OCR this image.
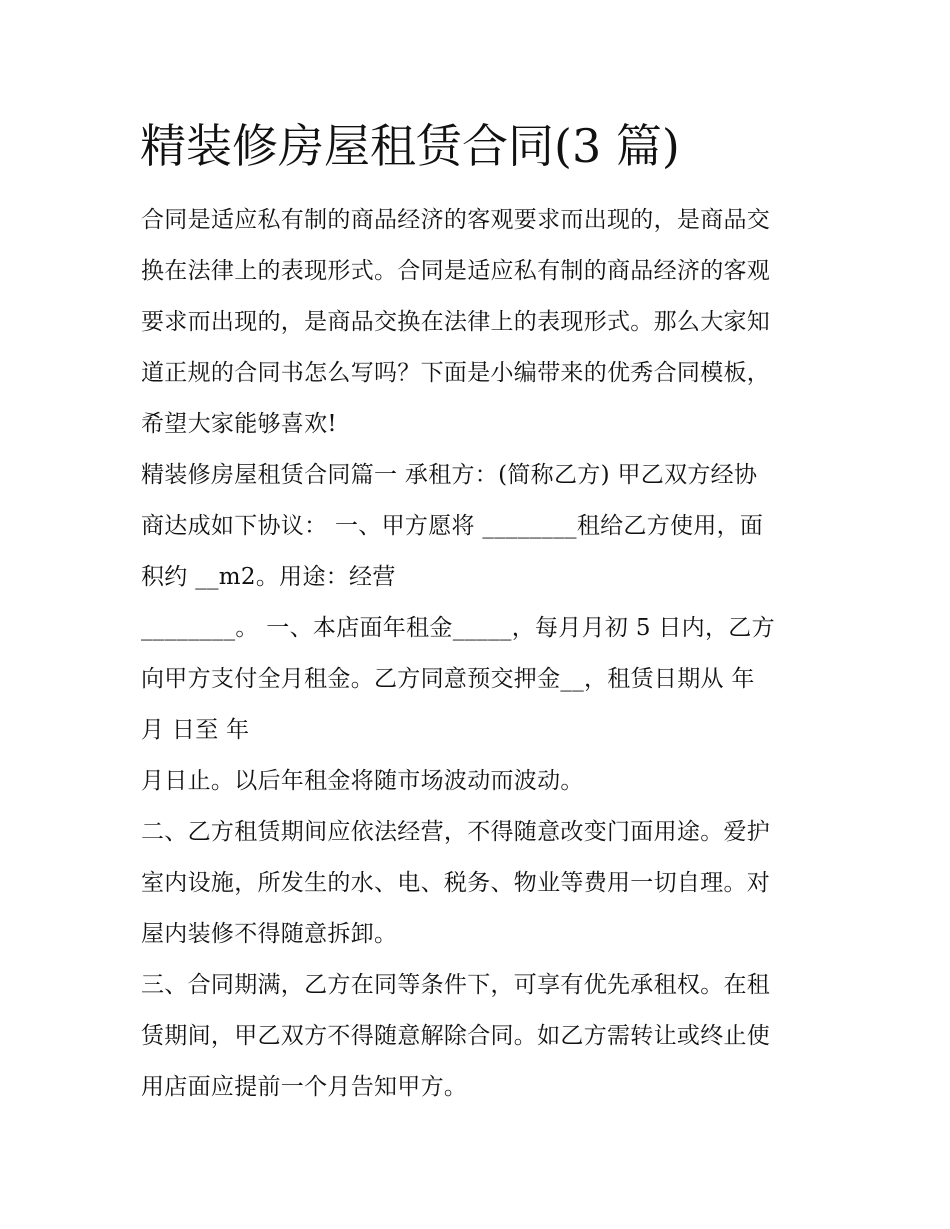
精装修房屋租赁合同(3 篇)
合同是适应私有制的商品经济的客观要求而出现的，是商品交
换在法律上的表现形式。合同是适应私有制的商品经济的客观
要求而出现的，是商品交换在法律上的表现形式。那么大家知
道正规的合同书怎么写吗？下面是小编带来的优秀合同模板，
希望大家能够喜欢!
精装修房屋租赁合同篇一 承租方：(简称乙方) 甲乙双方经协
商达成如下协议： 一、甲方愿将 ________租给乙方使用，面
积约 __m2。用途：经营
________。 一、本店面年租金_____，每月月初 5 日内，乙方
向甲方支付全月租金。乙方同意预交押金__，租赁日期从 年
月 日至 年
月日止。以后年租金将随市场波动而波动。
二、乙方租赁期间应依法经营，不得随意改变门面用途。爱护
室内设施，所发生的水、电、税务、物业等费用一切自理。对
屋内装修不得随意拆卸。
三、合同期满，乙方在同等条件下，可享有优先承租权。在租
赁期间，甲乙双方不得随意解除合同。如乙方需转让或终止使
用店面应提前一个月告知甲方。
